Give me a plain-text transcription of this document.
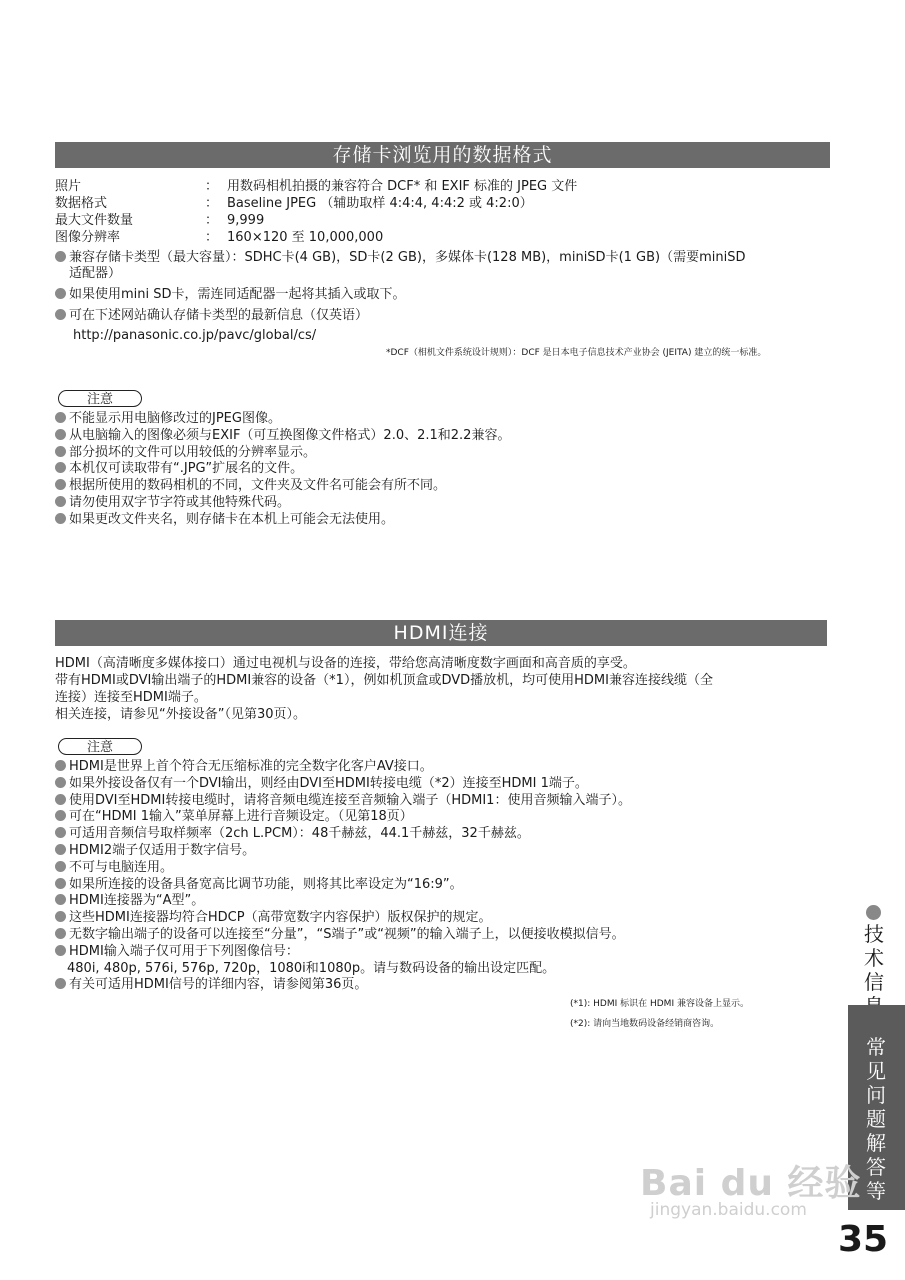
存储卡浏览用的数据格式
照片	： 用数码相机拍摄的兼容符合 DCF* 和 EXIF 标准的 JPEG 文件
数据格式	： Baseline JPEG （辅助取样 4:4:4, 4:4:2 或 4:2:0）
最大文件数量	： 9,999
图像分辨率	： 160×120 至 10,000,000
兼容存储卡类型（最大容量）：SDHC卡(4 GB)，SD卡(2 GB)，多媒体卡(128 MB)，miniSD卡(1 GB)（需要miniSD
适配器）
如果使用mini SD卡，需连同适配器一起将其插入或取下。
可在下述网站确认存储卡类型的最新信息（仅英语）
http://panasonic.co.jp/pavc/global/cs/
*DCF（相机文件系统设计规则）：DCF 是日本电子信息技术产业协会 (JEITA) 建立的统一标准。
注意
不能显示用电脑修改过的JPEG图像。
从电脑输入的图像必须与EXIF（可互换图像文件格式）2.0、2.1和2.2兼容。
部分损坏的文件可以用较低的分辨率显示。
本机仅可读取带有“.JPG”扩展名的文件。
根据所使用的数码相机的不同，文件夹及文件名可能会有所不同。
请勿使用双字节字符或其他特殊代码。
如果更改文件夹名，则存储卡在本机上可能会无法使用。
HDMI连接
HDMI（高清晰度多媒体接口）通过电视机与设备的连接，带给您高清晰度数字画面和高音质的享受。
带有HDMI或DVI输出端子的HDMI兼容的设备（*1），例如机顶盒或DVD播放机，均可使用HDMI兼容连接线缆（全
连接）连接至HDMI端子。
相关连接，请参见“外接设备”（见第30页）。
注意
HDMI是世界上首个符合无压缩标准的完全数字化客户AV接口。
如果外接设备仅有一个DVI输出，则经由DVI至HDMI转接电缆（*2）连接至HDMI 1端子。
使用DVI至HDMI转接电缆时，请将音频电缆连接至音频输入端子（HDMI1：使用音频输入端子）。
可在“HDMI 1输入”菜单屏幕上进行音频设定。（见第18页）
可适用音频信号取样频率（2ch L.PCM）：48千赫兹，44.1千赫兹，32千赫兹。
HDMI2端子仅适用于数字信号。
不可与电脑连用。
如果所连接的设备具备宽高比调节功能，则将其比率设定为“16:9”。
HDMI连接器为“A型”。
这些HDMI连接器均符合HDCP（高带宽数字内容保护）版权保护的规定。
无数字输出端子的设备可以连接至“分量”，“S端子”或“视频”的输入端子上，以便接收模拟信号。
HDMI输入端子仅可用于下列图像信号：
480i, 480p, 576i, 576p, 720p，1080i和1080p。请与数码设备的输出设定匹配。
有关可适用HDMI信号的详细内容，请参阅第36页。
(*1): HDMI 标识在 HDMI 兼容设备上显示。
(*2): 请向当地数码设备经销商咨询。
技术信
常见问题解答等
Bai du 经验
jingyan.baidu.com
35
